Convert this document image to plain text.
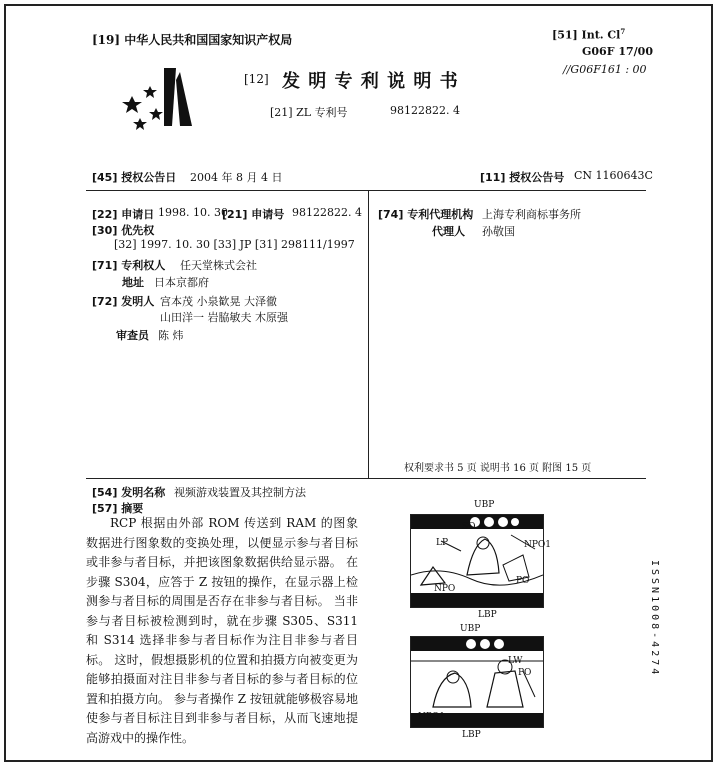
[19] 中华人民共和国国家知识产权局
[12] 发 明 专 利 说 明 书
[21] ZL 专利号	98122822. 4
[51] Int. Cl$^7$
G06F 17/00
//G06F161 : 00
[45] 授权公告日 2004 年 8 月 4 日	[11] 授权公告号 CN 1160643C
[22] 申请日 1998. 10. 30
[21] 申请号 98122822. 4
[30] 优先权
[32] 1997. 10. 30 [33] JP [31] 298111/1997
[71] 专利权人 任天堂株式会社
地址 日本京都府
[72] 发明人 宫本茂 小泉歓晃 大泽徹
山田洋一 岩脇敏夫 木原强
审查员 陈 炜
[74] 专利代理机构 上海专利商标事务所
代理人 孙敬国
权利要求书 5 页 说明书 16 页 附图 15 页
[54] 发明名称 视频游戏装置及其控制方法
[57] 摘要

RCP 根据由外部 ROM 传送到 RAM 的图象数据进行图象数的变换处理，以便显示参与者目标或非参与者目标，并把该图象数据供给显示器。 在步骤 S304，应答于 Z 按钮的操作，在显示器上检测参与者目标的周围是否存在非参与者目标。 当非参与者目标被检测到时，就在步骤 S305、S311 和 S314 选择非参与者目标作为注目非参与者目标。 这时，假想摄影机的位置和拍摄方向被变更为能够拍摄面对注目非参与者目标的参与者目标的位置和拍摄方向。 参与者操作 Z 按钮就能够极容易地使参与者目标注目到非参与者目标，从而飞速地提高游戏中的操作性。

UBP
SO
LP	NPO1
PO
NPO
LBP
UBP
LW
PO
NPO1
LBP
ISSN1008-4274
